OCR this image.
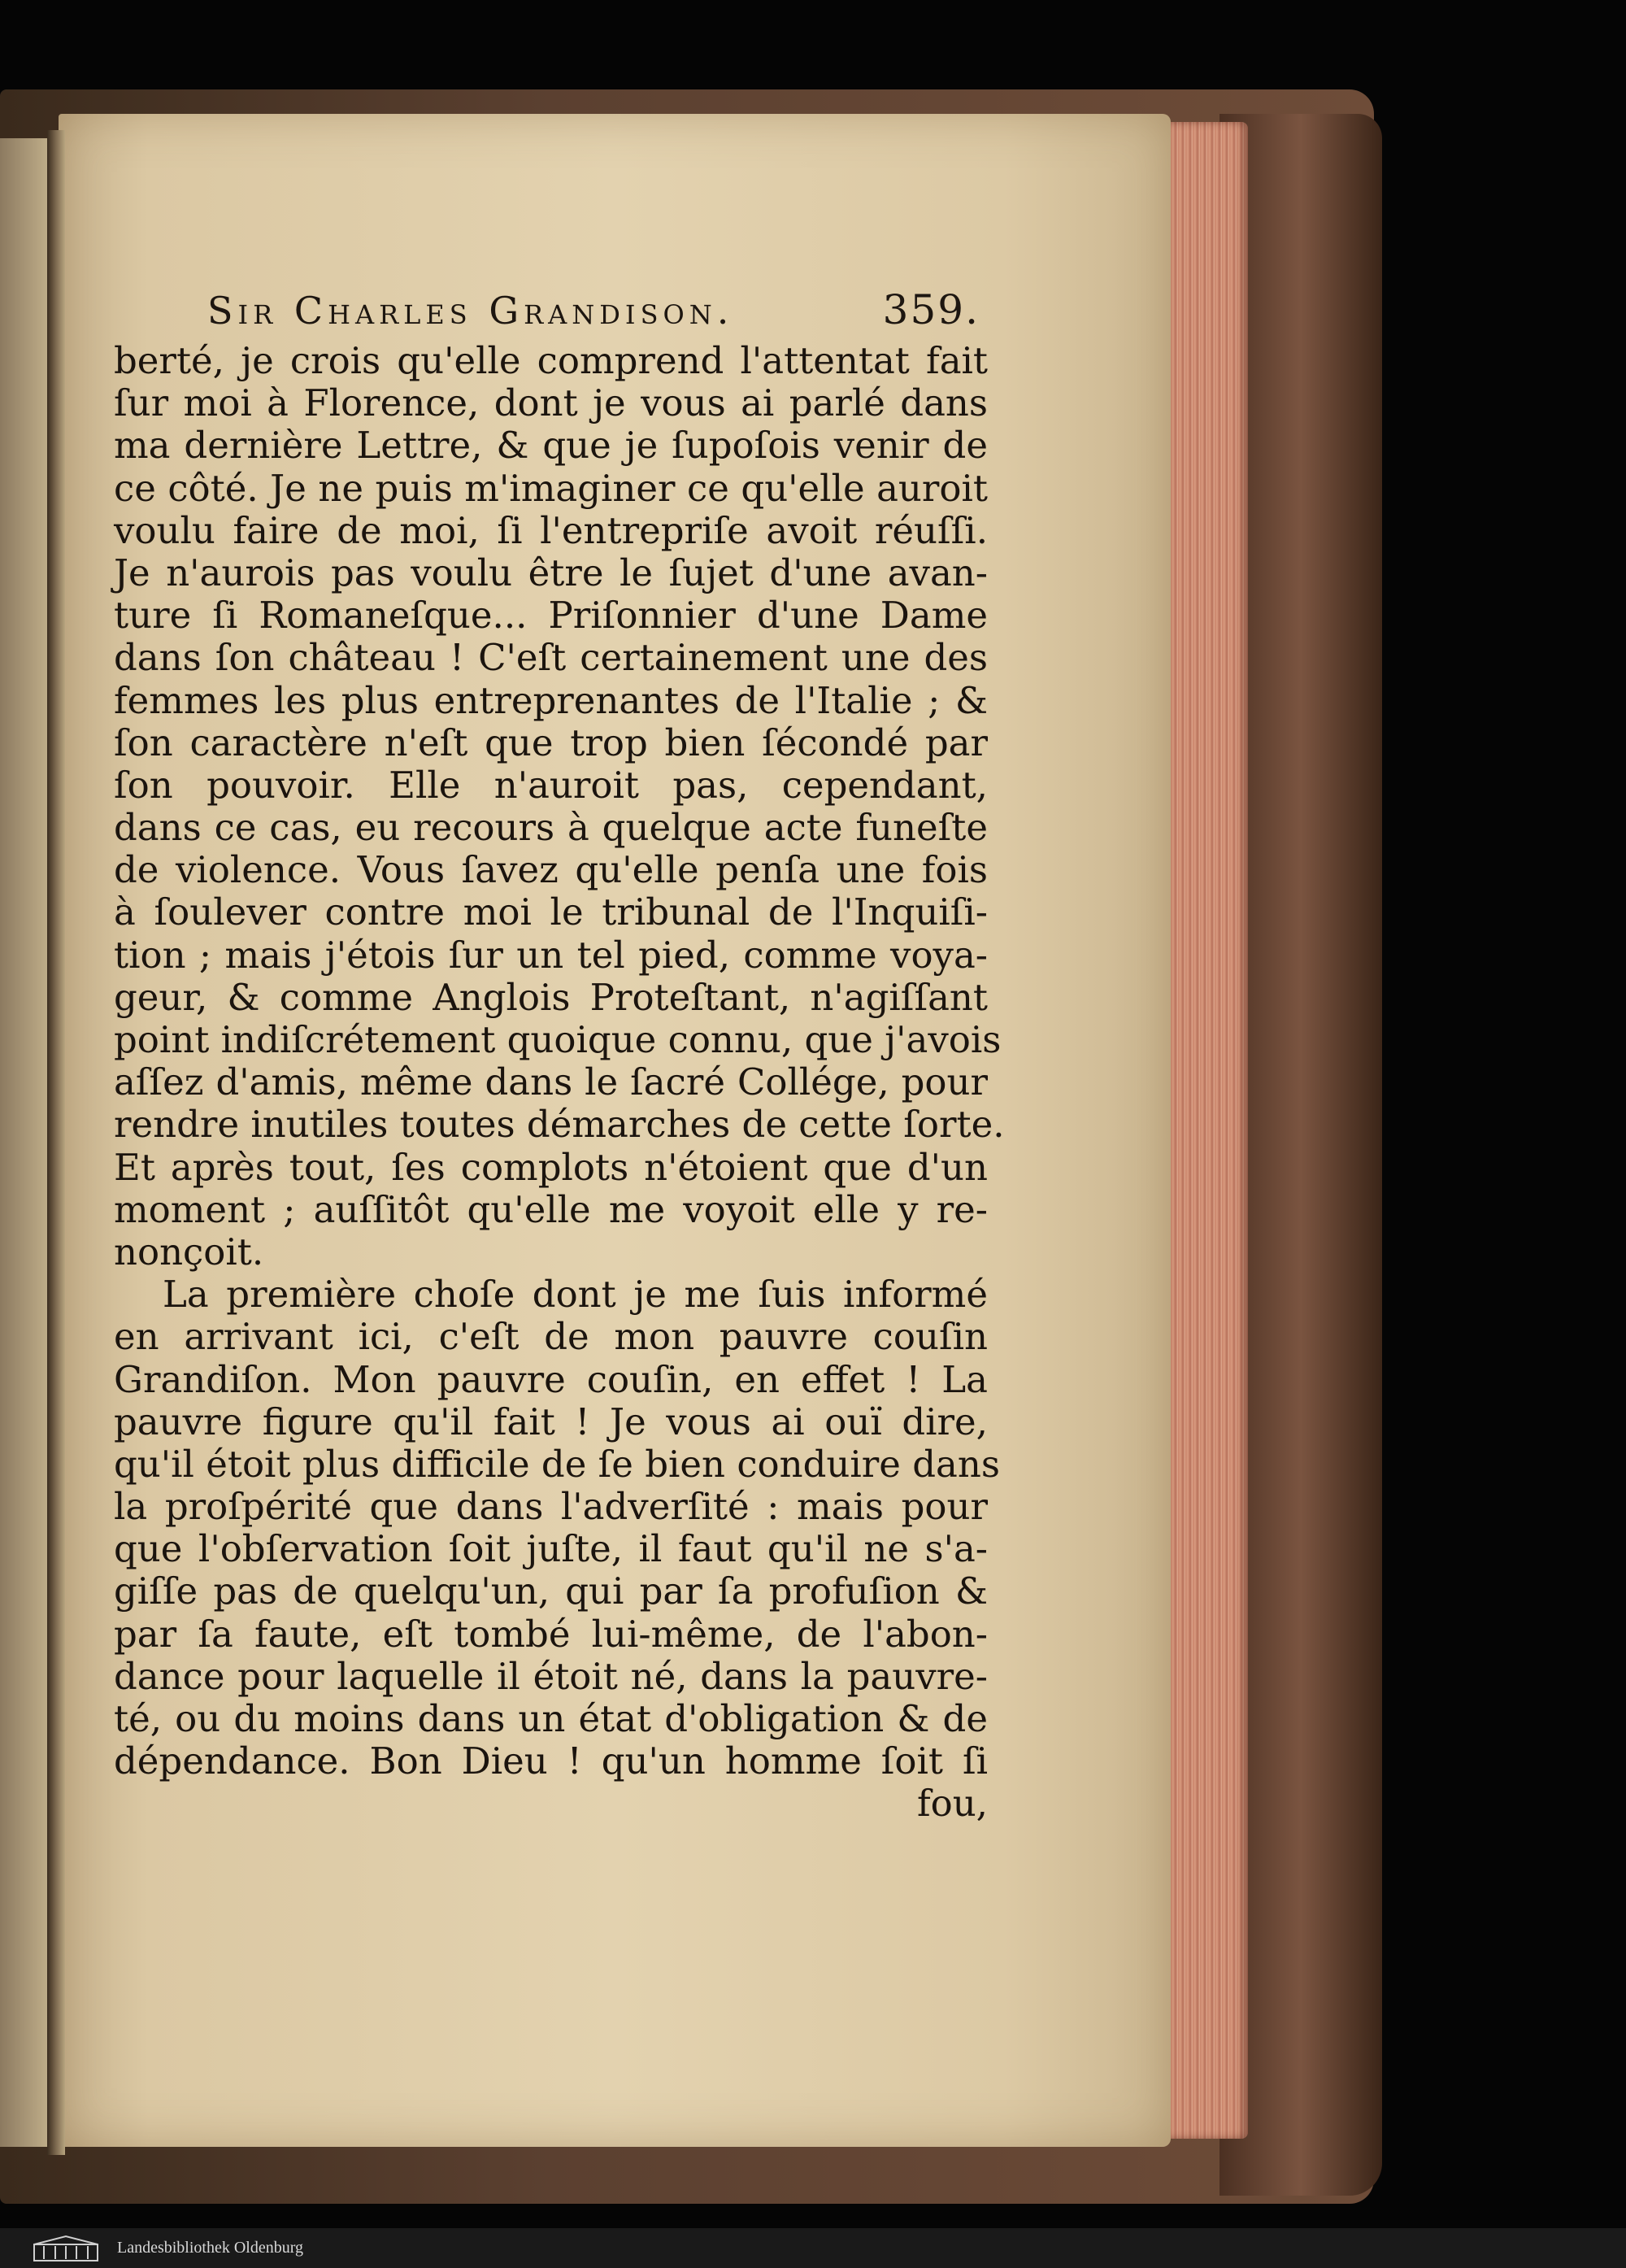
Sir Charles Grandison.	359.
berté, je crois qu'elle comprend l'attentat fait
ſur moi à Florence, dont je vous ai parlé dans
ma dernière Lettre, & que je ſupoſois venir de
ce côté. Je ne puis m'imaginer ce qu'elle auroit
voulu faire de moi, ſi l'entrepriſe avoit réuſſi.
Je n'aurois pas voulu être le ſujet d'une avan-
ture ſi Romaneſque... Priſonnier d'une Dame
dans ſon château ! C'eſt certainement une des
femmes les plus entreprenantes de l'Italie ; &
ſon caractère n'eſt que trop bien ſécondé par
ſon pouvoir. Elle n'auroit pas, cependant,
dans ce cas, eu recours à quelque acte funeſte
de violence. Vous ſavez qu'elle penſa une fois
à ſoulever contre moi le tribunal de l'Inquiſi-
tion ; mais j'étois ſur un tel pied, comme voya-
geur, & comme Anglois Proteſtant, n'agiſſant
point indiſcrétement quoique connu, que j'avois
aſſez d'amis, même dans le ſacré Collége, pour
rendre inutiles toutes démarches de cette ſorte.
Et après tout, ſes complots n'étoient que d'un
moment ; auſſitôt qu'elle me voyoit elle y re-
nonçoit.
La première choſe dont je me ſuis informé
en arrivant ici, c'eſt de mon pauvre couſin
Grandiſon. Mon pauvre couſin, en effet ! La
pauvre figure qu'il fait ! Je vous ai ouï dire,
qu'il étoit plus difficile de ſe bien conduire dans
la proſpérité que dans l'adverſité : mais pour
que l'obſervation ſoit juſte, il faut qu'il ne s'a-
giſſe pas de quelqu'un, qui par ſa profuſion &
par ſa faute, eſt tombé lui-même, de l'abon-
dance pour laquelle il étoit né, dans la pauvre-
té, ou du moins dans un état d'obligation & de
dépendance. Bon Dieu ! qu'un homme ſoit ſi
fou,
Landesbibliothek Oldenburg
